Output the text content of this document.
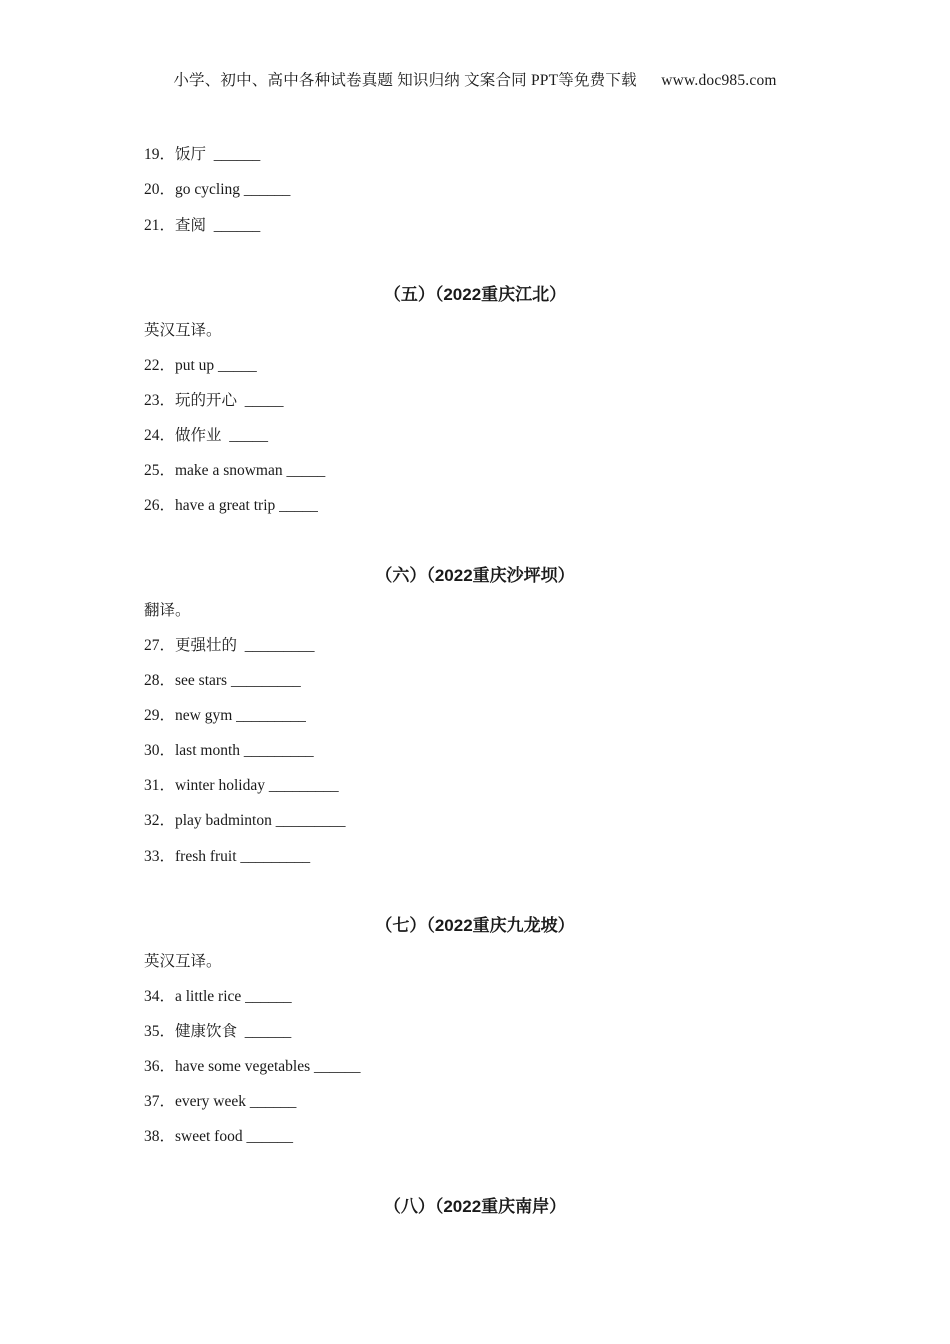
小学、初中、高中各种试卷真题 知识归纳 文案合同 PPT等免费下载      www.doc985.com
19．饭厅  ______
20．go cycling ______
21．查阅  ______
（五）（2022重庆江北）
英汉互译。
22．put up _____
23．玩的开心  _____
24．做作业  _____
25．make a snowman _____
26．have a great trip _____
（六）（2022重庆沙坪坝）
翻译。
27．更强壮的  _________
28．see stars _________
29．new gym _________
30．last month _________
31．winter holiday _________
32．play badminton _________
33．fresh fruit _________
（七）（2022重庆九龙坡）
英汉互译。
34．a little rice ______
35．健康饮食  ______
36．have some vegetables ______
37．every week ______
38．sweet food ______
（八）（2022重庆南岸）
